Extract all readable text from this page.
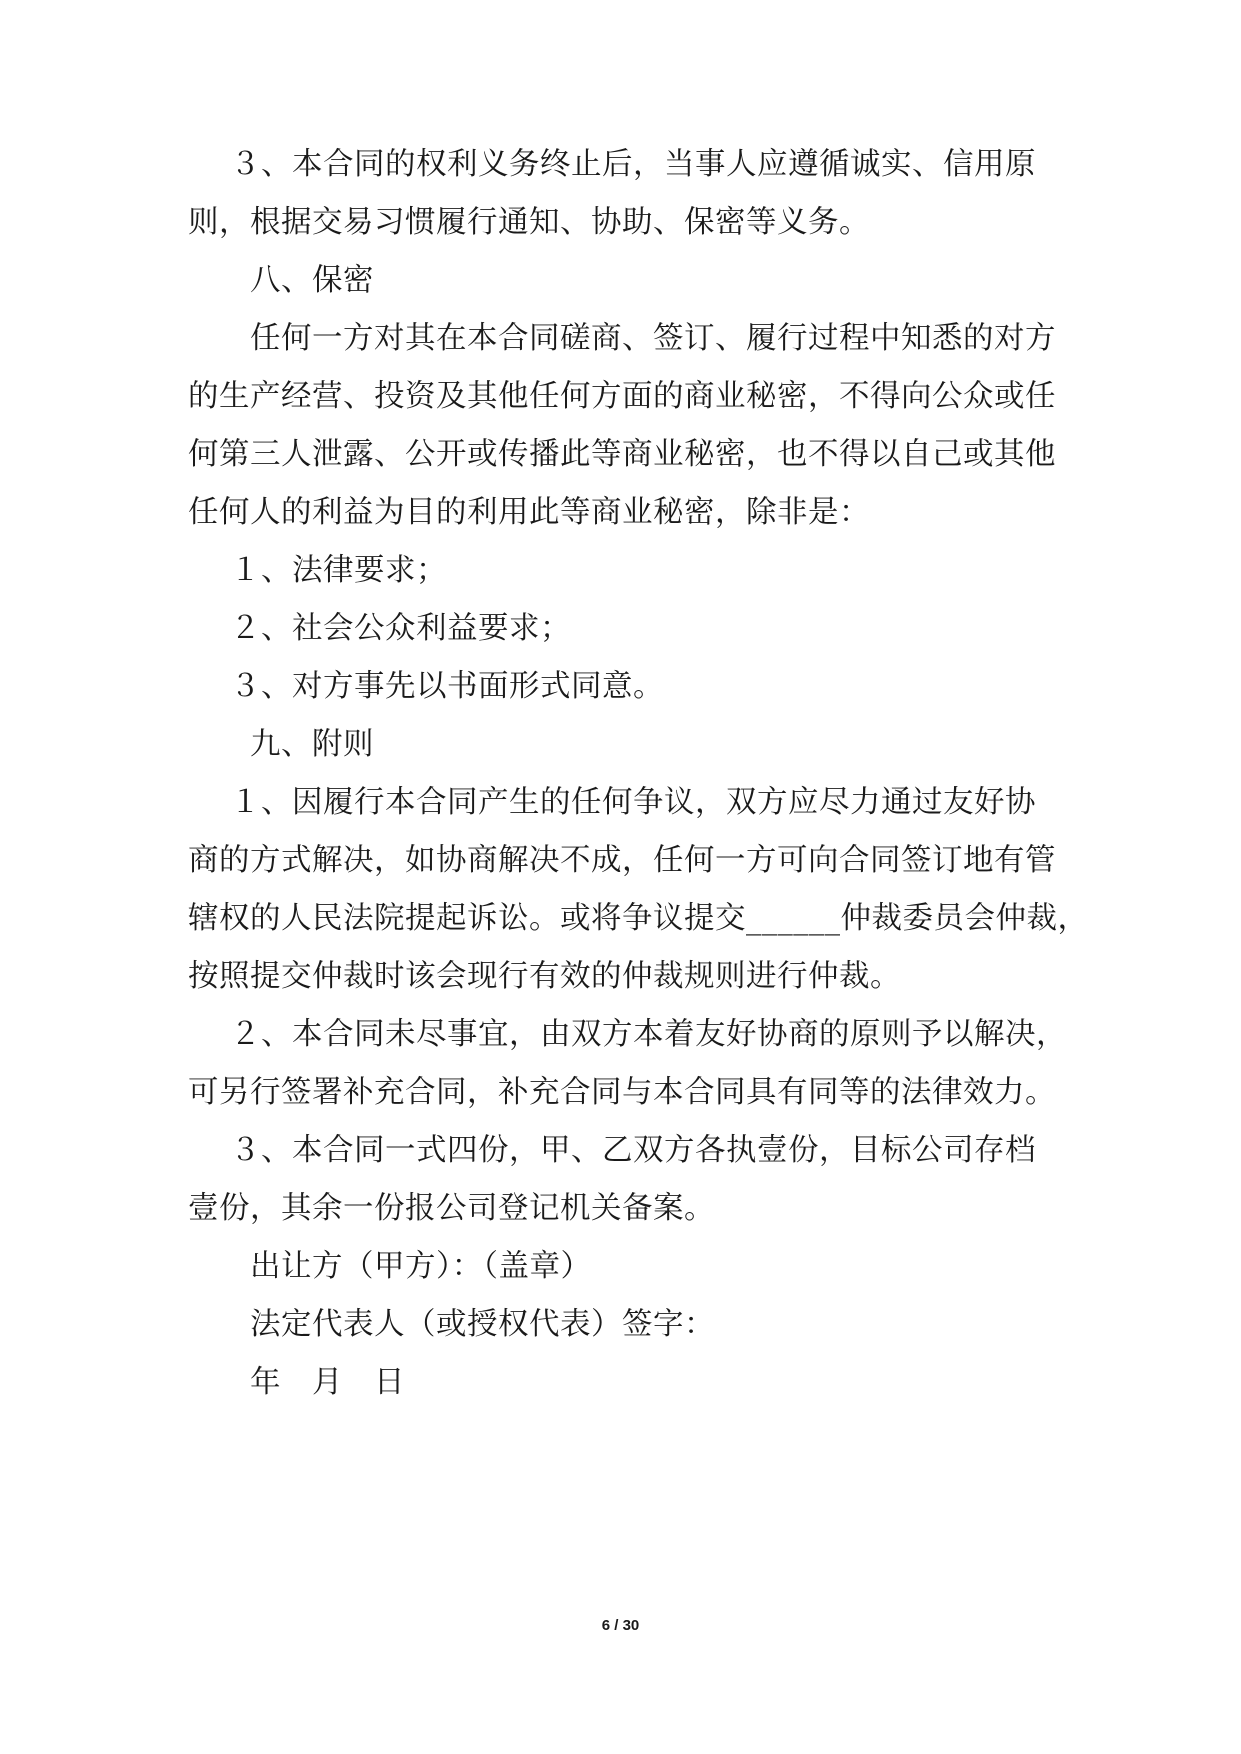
３、本合同的权利义务终止后，当事人应遵循诚实、信用原
则，根据交易习惯履行通知、协助、保密等义务。
八、保密
任何一方对其在本合同磋商、签订、履行过程中知悉的对方
的生产经营、投资及其他任何方面的商业秘密，不得向公众或任
何第三人泄露、公开或传播此等商业秘密，也不得以自己或其他
任何人的利益为目的利用此等商业秘密，除非是：
１、法律要求；
２、社会公众利益要求；
３、对方事先以书面形式同意。
九、附则
１、因履行本合同产生的任何争议，双方应尽力通过友好协
商的方式解决，如协商解决不成，任何一方可向合同签订地有管
辖权的人民法院提起诉讼。或将争议提交______仲裁委员会仲裁，
按照提交仲裁时该会现行有效的仲裁规则进行仲裁。
２、本合同未尽事宜，由双方本着友好协商的原则予以解决，
可另行签署补充合同，补充合同与本合同具有同等的法律效力。
３、本合同一式四份，甲、乙双方各执壹份，目标公司存档
壹份，其余一份报公司登记机关备案。
出让方（甲方）：（盖章）
法定代表人（或授权代表）签字：
年　月　日
6 / 30
